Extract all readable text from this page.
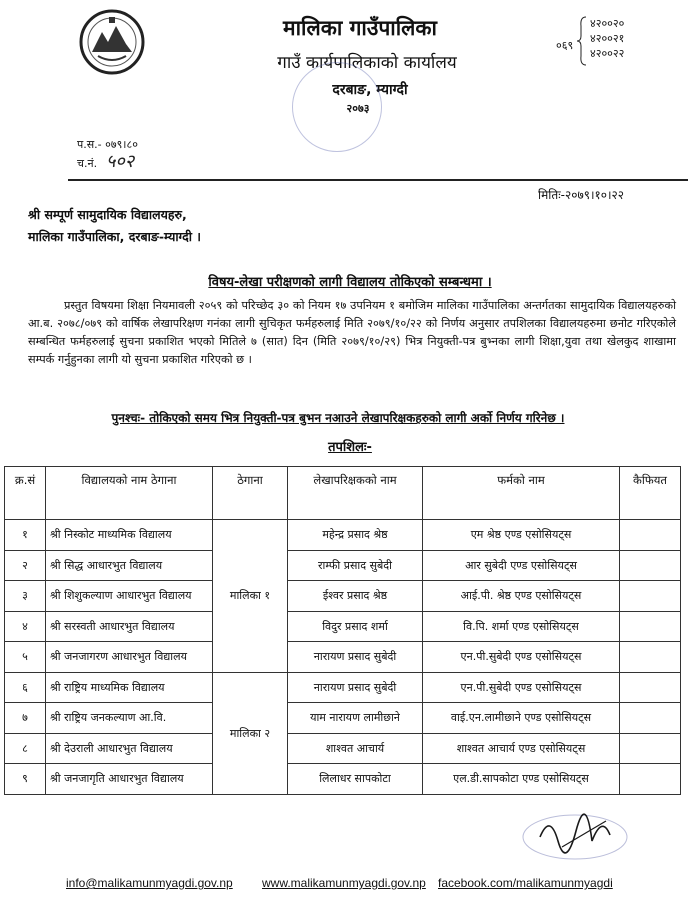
मालिका गाउँपालिका
गाउँ कार्यपालिकाको कार्यालय
दरबाङ, म्याग्दी
२०७३
०६९
४२००२०
४२००२१
४२००२२
प.स.- ०७९।८०
च.नं. ५०२
मितिः-२०७९।१०।२२
श्री सम्पूर्ण सामुदायिक विद्यालयहरु,
मालिका गाउँपालिका, दरबाङ-म्याग्दी ।
विषय-लेखा परीक्षणको लागी विद्यालय तोकिएको सम्बन्धमा ।
प्रस्तुत विषयमा शिक्षा नियमावली २०५९ को परिच्छेद ३० को नियम १७ उपनियम १ बमोजिम मालिका गाउँपालिका अन्तर्गतका सामुदायिक विद्यालयहरुको आ.ब. २०७८/०७९ को वार्षिक लेखापरिक्षण गनंका लागी सुचिकृत फर्महरुलाई मिति २०७९/१०/२२ को निर्णय अनुसार तपशिलका विद्यालयहरुमा छनोट गरिएकोले सम्बन्धित फर्महरुलाई सुचना प्रकाशित भएको मितिले ७ (सात) दिन (मिति २०७९/१०/२९) भित्र नियुक्ती-पत्र बुभ्नका लागी शिक्षा,युवा तथा खेलकुद शाखामा सम्पर्क गर्नुहुनका लागी यो सुचना प्रकाशित गरिएको छ ।
पुनश्चः- तोकिएको समय भित्र नियुक्ती-पत्र बुभन नआउने लेखापरिक्षकहरुको लागी अर्को निर्णय गरिनेछ ।
तपशिलः-
क्र.सं	विद्यालयको नाम ठेगाना	ठेगाना	लेखापरिक्षकको नाम	फर्मको नाम	कैफियत
१	श्री निस्कोट माध्यमिक विद्यालय	मालिका १	महेन्द्र प्रसाद श्रेष्ठ	एम श्रेष्ठ एण्ड एसोसियट्स	
२	श्री सिद्ध आधारभुत विद्यालय		राम्फी प्रसाद सुबेदी	आर सुबेदी एण्ड एसोसियट्स	
३	श्री शिशुकल्याण आधारभुत विद्यालय		ईश्वर प्रसाद श्रेष्ठ	आई.पी. श्रेष्ठ एण्ड एसोसियट्स	
४	श्री सरस्वती आधारभुत विद्यालय		विदुर प्रसाद शर्मा	वि.पि. शर्मा एण्ड एसोसियट्स	
५	श्री जनजागरण आधारभुत विद्यालय		नारायण प्रसाद सुबेदी	एन.पी.सुबेदी एण्ड एसोसियट्स	
६	श्री राष्ट्रिय माध्यमिक विद्यालय	मालिका २	नारायण प्रसाद सुबेदी	एन.पी.सुबेदी एण्ड एसोसियट्स	
७	श्री राष्ट्रिय जनकल्याण आ.वि.		याम नारायण लामीछाने	वाई.एन.लामीछाने एण्ड एसोसियट्स	
८	श्री देउराली आधारभुत विद्यालय		शाश्वत आचार्य	शाश्वत आचार्य एण्ड एसोसियट्स	
९	श्री जनजागृति आधारभुत विद्यालय		लिलाधर सापकोटा	एल.डी.सापकोटा एण्ड एसोसियट्स	
info@malikamunmyagdi.gov.np www.malikamunmyagdi.gov.np facebook.com/malikamunmyagdi
